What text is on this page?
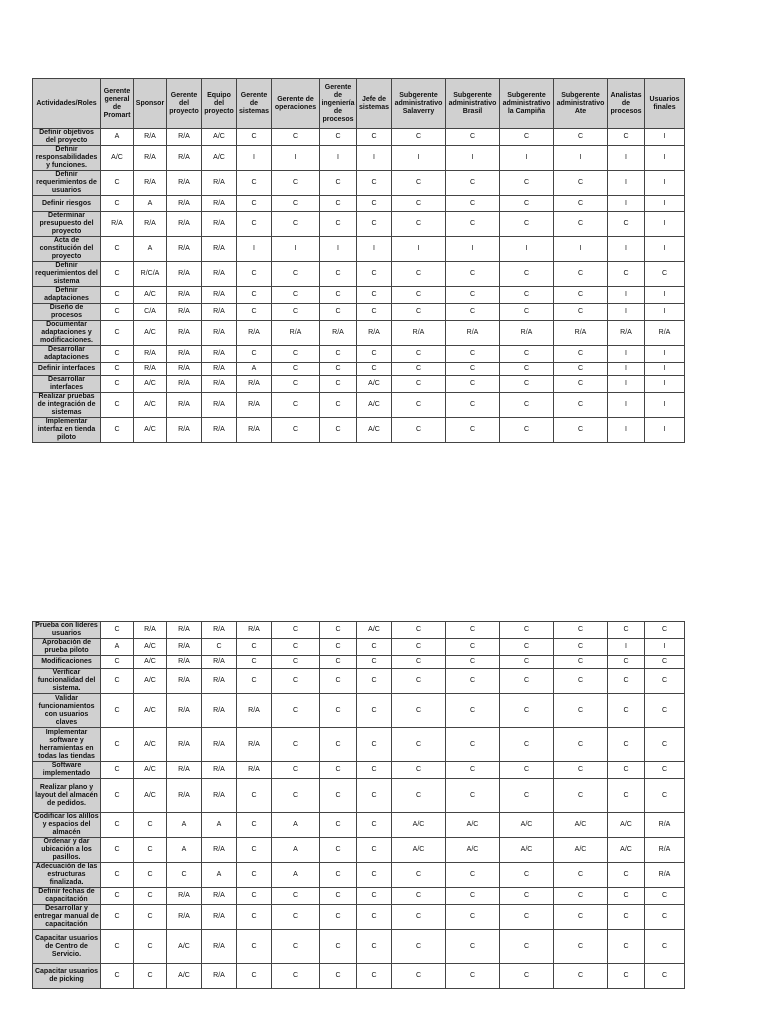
Actividades/Roles	Gerente general de Promart	Sponsor	Gerente del proyecto	Equipo del proyecto	Gerente de sistemas	Gerente de operaciones	Gerente de ingeniería de procesos	Jefe de sistemas	Subgerente administrativo Salaverry	Subgerente administrativo Brasil	Subgerente administrativo la Campiña	Subgerente administrativo Ate	Analistas de procesos	Usuarios finales
Definir objetivos del proyecto	A	R/A	R/A	A/C	C	C	C	C	C	C	C	C	C	I
Definir responsabilidades y funciones.	A/C	R/A	R/A	A/C	I	I	I	I	I	I	I	I	I	I
Definir requerimientos de usuarios	C	R/A	R/A	R/A	C	C	C	C	C	C	C	C	I	I
Definir riesgos	C	A	R/A	R/A	C	C	C	C	C	C	C	C	I	I
Determinar presupuesto del proyecto	R/A	R/A	R/A	R/A	C	C	C	C	C	C	C	C	C	I
Acta de constitución del proyecto	C	A	R/A	R/A	I	I	I	I	I	I	I	I	I	I
Definir requerimientos del sistema	C	R/C/A	R/A	R/A	C	C	C	C	C	C	C	C	C	C
Definir adaptaciones	C	A/C	R/A	R/A	C	C	C	C	C	C	C	C	I	I
Diseño de procesos	C	C/A	R/A	R/A	C	C	C	C	C	C	C	C	I	I
Documentar adaptaciones y modificaciones.	C	A/C	R/A	R/A	R/A	R/A	R/A	R/A	R/A	R/A	R/A	R/A	R/A	R/A
Desarrollar adaptaciones	C	R/A	R/A	R/A	C	C	C	C	C	C	C	C	I	I
Definir interfaces	C	R/A	R/A	R/A	A	C	C	C	C	C	C	C	I	I
Desarrollar interfaces	C	A/C	R/A	R/A	R/A	C	C	A/C	C	C	C	C	I	I
Realizar pruebas de integración de sistemas	C	A/C	R/A	R/A	R/A	C	C	A/C	C	C	C	C	I	I
Implementar interfaz en tienda piloto	C	A/C	R/A	R/A	R/A	C	C	A/C	C	C	C	C	I	I
Prueba con líderes usuarios	C	R/A	R/A	R/A	R/A	C	C	A/C	C	C	C	C	C	C
Aprobación de prueba piloto	A	A/C	R/A	C	C	C	C	C	C	C	C	C	I	I
Modificaciones	C	A/C	R/A	R/A	C	C	C	C	C	C	C	C	C	C
Verificar funcionalidad del sistema.	C	A/C	R/A	R/A	C	C	C	C	C	C	C	C	C	C
Validar funcionamientos con usuarios claves	C	A/C	R/A	R/A	R/A	C	C	C	C	C	C	C	C	C
Implementar software y herramientas en todas las tiendas	C	A/C	R/A	R/A	R/A	C	C	C	C	C	C	C	C	C
Software implementado	C	A/C	R/A	R/A	R/A	C	C	C	C	C	C	C	C	C
Realizar plano y layout del almacén de pedidos.	C	A/C	R/A	R/A	C	C	C	C	C	C	C	C	C	C
Codificar los alillos y espacios del almacén	C	C	A	A	C	A	C	C	A/C	A/C	A/C	A/C	A/C	R/A
Ordenar y dar ubicación a los pasillos.	C	C	A	R/A	C	A	C	C	A/C	A/C	A/C	A/C	A/C	R/A
Adecuación de las estructuras finalizada.	C	C	C	A	C	A	C	C	C	C	C	C	C	R/A
Definir fechas de capacitación	C	C	R/A	R/A	C	C	C	C	C	C	C	C	C	C
Desarrollar y entregar manual de capacitación	C	C	R/A	R/A	C	C	C	C	C	C	C	C	C	C
Capacitar usuarios de Centro de Servicio.	C	C	A/C	R/A	C	C	C	C	C	C	C	C	C	C
Capacitar usuarios de picking	C	C	A/C	R/A	C	C	C	C	C	C	C	C	C	C
